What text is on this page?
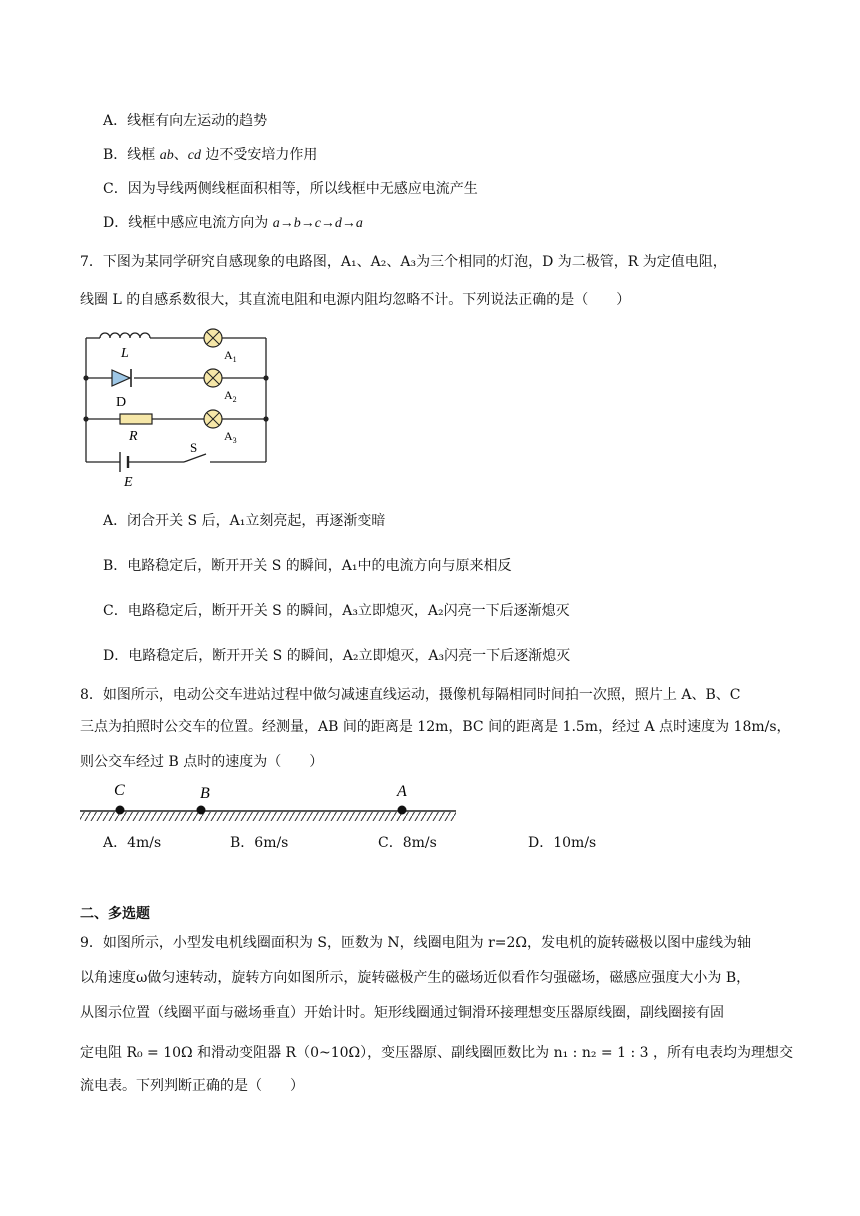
A．线框有向左运动的趋势
B．线框 ab、cd 边不受安培力作用
C．因为导线两侧线框面积相等，所以线框中无感应电流产生
D．线框中感应电流方向为 a→b→c→d→a
7．下图为某同学研究自感现象的电路图，A₁、A₂、A₃为三个相同的灯泡，D 为二极管，R 为定值电阻，
线圈 L 的自感系数很大，其直流电阻和电源内阻均忽略不计。下列说法正确的是（　　）
L	$A_1$
D	$A_2$
R	$A_3$
E
S
A．闭合开关 S 后，A₁立刻亮起，再逐渐变暗
B．电路稳定后，断开开关 S 的瞬间，A₁中的电流方向与原来相反
C．电路稳定后，断开开关 S 的瞬间，A₃立即熄灭，A₂闪亮一下后逐渐熄灭
D．电路稳定后，断开开关 S 的瞬间，A₂立即熄灭，A₃闪亮一下后逐渐熄灭
8．如图所示，电动公交车进站过程中做匀减速直线运动，摄像机每隔相同时间拍一次照，照片上 A、B、C
三点为拍照时公交车的位置。经测量，AB 间的距离是 12m，BC 间的距离是 1.5m，经过 A 点时速度为 18m/s，
则公交车经过 B 点时的速度为（　　）
C	B	A
A．4m/s	B．6m/s	C．8m/s	D．10m/s
二、多选题
9．如图所示，小型发电机线圈面积为 S，匝数为 N，线圈电阻为 r=2Ω，发电机的旋转磁极以图中虚线为轴
以角速度ω做匀速转动，旋转方向如图所示，旋转磁极产生的磁场近似看作匀强磁场，磁感应强度大小为 B，
从图示位置（线圈平面与磁场垂直）开始计时。矩形线圈通过铜滑环接理想变压器原线圈，副线圈接有固
定电阻 R₀ = 10Ω 和滑动变阻器 R（0~10Ω），变压器原、副线圈匝数比为 n₁ : n₂ = 1 : 3 ，所有电表均为理想交
流电表。下列判断正确的是（　　）
